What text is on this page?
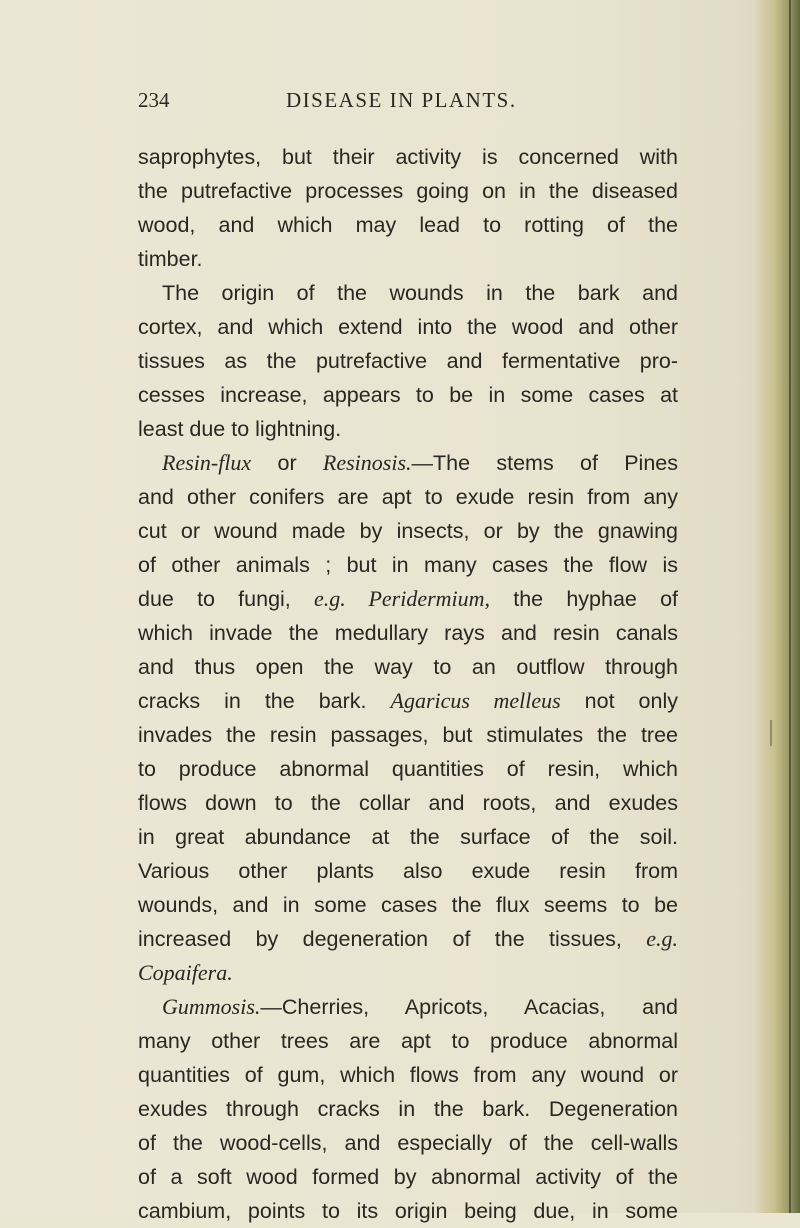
234	DISEASE IN PLANTS.
saprophytes, but their activity is concerned with
the putrefactive processes going on in the diseased
wood, and which may lead to rotting of the
timber.
The origin of the wounds in the bark and
cortex, and which extend into the wood and other
tissues as the putrefactive and fermentative pro-
cesses increase, appears to be in some cases at
least due to lightning.
Resin-flux or Resinosis.—The stems of Pines
and other conifers are apt to exude resin from any
cut or wound made by insects, or by the gnawing
of other animals ; but in many cases the flow is
due to fungi, e.g. Peridermium, the hyphae of
which invade the medullary rays and resin canals
and thus open the way to an outflow through
cracks in the bark. Agaricus melleus not only
invades the resin passages, but stimulates the tree
to produce abnormal quantities of resin, which
flows down to the collar and roots, and exudes
in great abundance at the surface of the soil.
Various other plants also exude resin from
wounds, and in some cases the flux seems to be
increased by degeneration of the tissues, e.g.
Copaifera.
Gummosis.—Cherries, Apricots, Acacias, and
many other trees are apt to produce abnormal
quantities of gum, which flows from any wound or
exudes through cracks in the bark. Degeneration
of the wood-cells, and especially of the cell-walls
of a soft wood formed by abnormal activity of the
cambium, points to its origin being due, in some
